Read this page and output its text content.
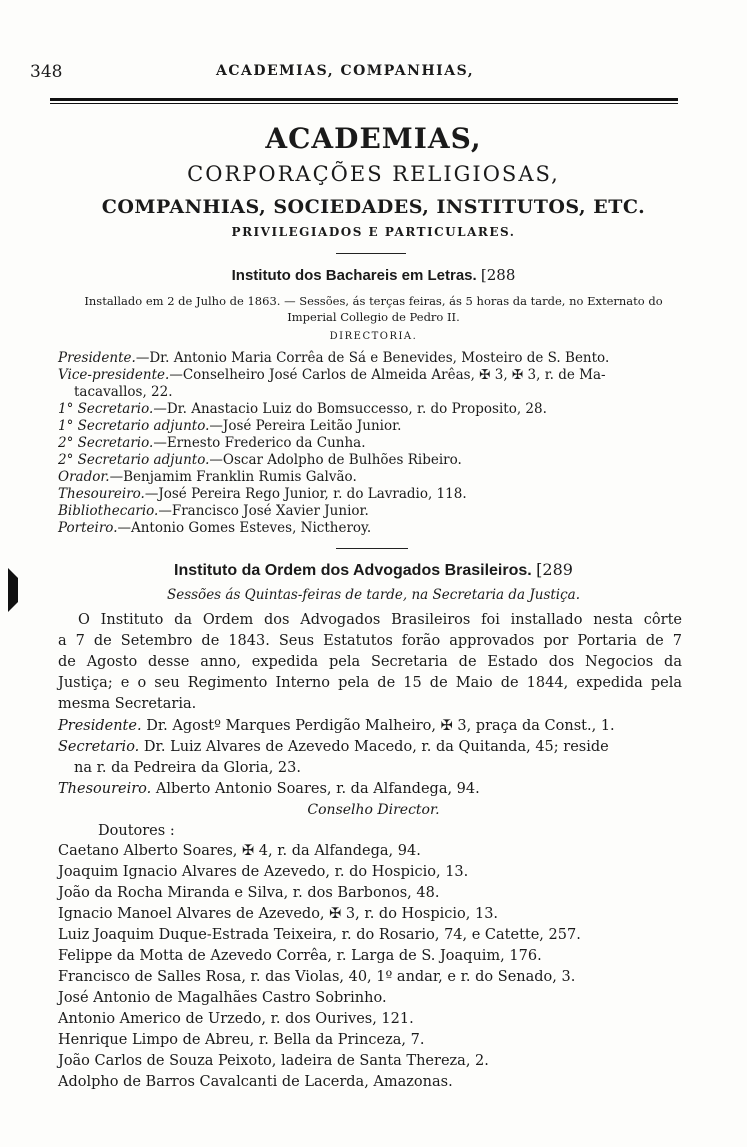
348	ACADEMIAS, COMPANHIAS,
ACADEMIAS,
CORPORAÇÕES RELIGIOSAS,
COMPANHIAS, SOCIEDADES, INSTITUTOS, ETC.
PRIVILEGIADOS E PARTICULARES.
Instituto dos Bachareis em Letras. [288
Installado em 2 de Julho de 1863. — Sessões, ás terças feiras, ás 5 horas da tarde, no Externato do
Imperial Collegio de Pedro II.
DIRECTORIA.
Presidente.—Dr. Antonio Maria Corrêa de Sá e Benevides, Mosteiro de S. Bento.
Vice-presidente.—Conselheiro José Carlos de Almeida Arêas, ✠ 3, ✠ 3, r. de Ma-
tacavallos, 22.
1° Secretario.—Dr. Anastacio Luiz do Bomsuccesso, r. do Proposito, 28.
1° Secretario adjunto.—José Pereira Leitão Junior.
2° Secretario.—Ernesto Frederico da Cunha.
2° Secretario adjunto.—Oscar Adolpho de Bulhões Ribeiro.
Orador.—Benjamim Franklin Rumis Galvão.
Thesoureiro.—José Pereira Rego Junior, r. do Lavradio, 118.
Bibliothecario.—Francisco José Xavier Junior.
Porteiro.—Antonio Gomes Esteves, Nictheroy.
Instituto da Ordem dos Advogados Brasileiros. [289
Sessões ás Quintas-feiras de tarde, na Secretaria da Justiça.

O Instituto da Ordem dos Advogados Brasileiros foi installado nesta côrte

a 7 de Setembro de 1843. Seus Estatutos forão approvados por Portaria de 7

de Agosto desse anno, expedida pela Secretaria de Estado dos Negocios da

Justiça; e o seu Regimento Interno pela de 15 de Maio de 1844, expedida pela

mesma Secretaria.

Presidente. Dr. Agostº Marques Perdigão Malheiro, ✠ 3, praça da Const., 1.
Secretario. Dr. Luiz Alvares de Azevedo Macedo, r. da Quitanda, 45; reside
na r. da Pedreira da Gloria, 23.
Thesoureiro. Alberto Antonio Soares, r. da Alfandega, 94.
Conselho Director.
Doutores :
Caetano Alberto Soares, ✠ 4, r. da Alfandega, 94.
Joaquim Ignacio Alvares de Azevedo, r. do Hospicio, 13.
João da Rocha Miranda e Silva, r. dos Barbonos, 48.
Ignacio Manoel Alvares de Azevedo, ✠ 3, r. do Hospicio, 13.
Luiz Joaquim Duque-Estrada Teixeira, r. do Rosario, 74, e Catette, 257.
Felippe da Motta de Azevedo Corrêa, r. Larga de S. Joaquim, 176.
Francisco de Salles Rosa, r. das Violas, 40, 1º andar, e r. do Senado, 3.
José Antonio de Magalhães Castro Sobrinho.
Antonio Americo de Urzedo, r. dos Ourives, 121.
Henrique Limpo de Abreu, r. Bella da Princeza, 7.
João Carlos de Souza Peixoto, ladeira de Santa Thereza, 2.
Adolpho de Barros Cavalcanti de Lacerda, Amazonas.
